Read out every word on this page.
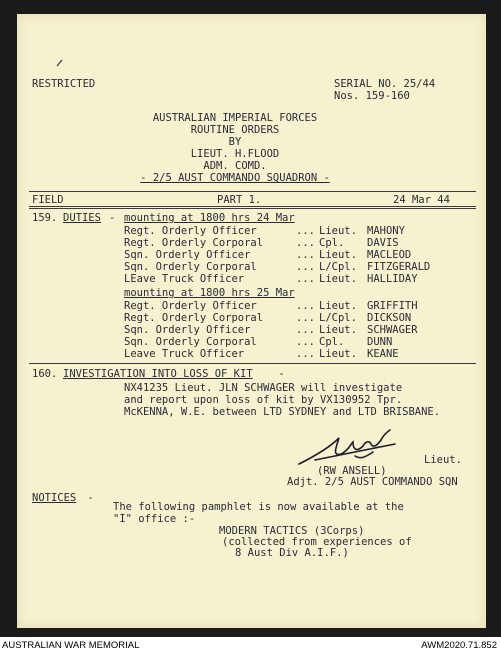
RESTRICTED	SERIAL NO. 25/44
Nos. 159-160
AUSTRALIAN IMPERIAL FORCES
ROUTINE ORDERS
BY
LIEUT. H.FLOOD
ADM. COMD.
- 2/5 AUST COMMANDO SQUADRON -
FIELD	PART 1.	24 Mar 44
159. DUTIES - mounting at 1800 hrs 24 Mar
Regt. Orderly Officer	... Lieut. MAHONY
Regt. Orderly Corporal	... Cpl. DAVIS
Sqn. Orderly Officer	... Lieut. MACLEOD
Sqn. Orderly Corporal	... L/Cpl. FITZGERALD
LEave Truck Officer	... Lieut. HALLIDAY
mounting at 1800 hrs 25 Mar
Regt. Orderly Officer	... Lieut. GRIFFITH
Regt. Orderly Corporal	... L/Cpl. DICKSON
Sqn. Orderly Officer	... Lieut. SCHWAGER
Sqn. Orderly Corporal	... Cpl. DUNN
Leave Truck Officer	... Lieut. KEANE
160. INVESTIGATION INTO LOSS OF KIT -
NX41235 Lieut. JLN SCHWAGER will investigate
and report upon loss of kit by VX130952 Tpr.
McKENNA, W.E. between LTD SYDNEY and LTD BRISBANE.
Lieut.
(RW ANSELL)
Adjt. 2/5 AUST COMMANDO SQN
NOTICES -
The following pamphlet is now available at the
"I" office :-
MODERN TACTICS (3Corps)
(collected from experiences of
8 Aust Div A.I.F.)
AUSTRALIAN WAR MEMORIAL	AWM2020.71.852
